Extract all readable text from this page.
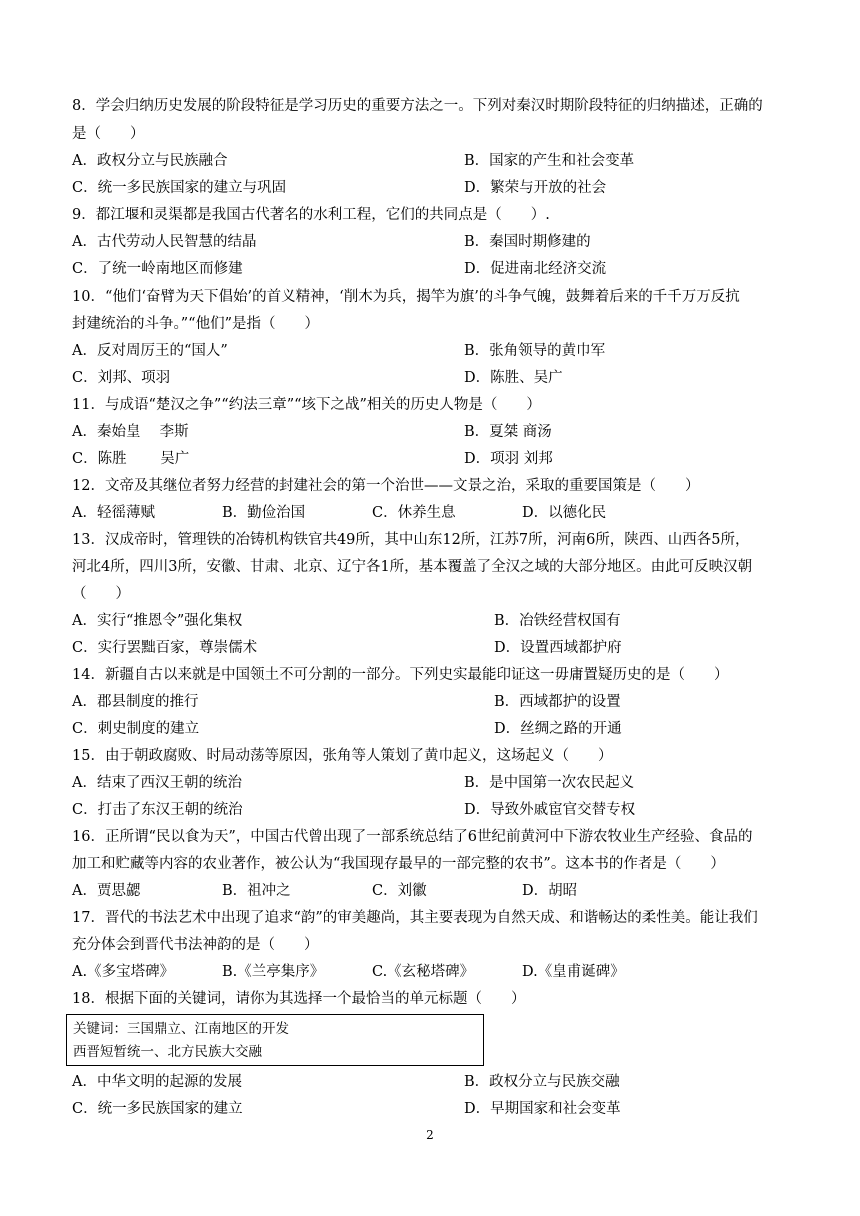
8．学会归纳历史发展的阶段特征是学习历史的重要方法之一。下列对秦汉时期阶段特征的归纳描述，正确的
是（　　）
A．政权分立与民族融合	B．国家的产生和社会变革
C．统一多民族国家的建立与巩固	D．繁荣与开放的社会
9．都江堰和灵渠都是我国古代著名的水利工程，它们的共同点是（　　）.
A．古代劳动人民智慧的结晶	B．秦国时期修建的
C．了统一岭南地区而修建	D．促进南北经济交流
10．“他们‘奋臂为天下倡始’的首义精神，‘削木为兵，揭竿为旗’的斗争气魄，鼓舞着后来的千千万万反抗
封建统治的斗争。”“他们”是指（　　）
A．反对周厉王的“国人”	B．张角领导的黄巾军
C．刘邦、项羽	D．陈胜、吴广
11．与成语“楚汉之争”“约法三章”“垓下之战”相关的历史人物是（　　）
A．秦始皇　 李斯	B．夏桀 商汤
C．陈胜　　 吴广	D．项羽 刘邦
12．文帝及其继位者努力经营的封建社会的第一个治世——文景之治，采取的重要国策是（　　）
A．轻徭薄赋	B．勤俭治国	C．休养生息	D．以德化民
13．汉成帝时，管理铁的冶铸机构铁官共49所，其中山东12所，江苏7所，河南6所，陕西、山西各5所，
河北4所，四川3所，安徽、甘肃、北京、辽宁各1所，基本覆盖了全汉之域的大部分地区。由此可反映汉朝
（　　）
A．实行“推恩令”强化集权	B．冶铁经营权国有
C．实行罢黜百家，尊崇儒术	D．设置西域都护府
14．新疆自古以来就是中国领土不可分割的一部分。下列史实最能印证这一毋庸置疑历史的是（　　）
A．郡县制度的推行	B．西域都护的设置
C．刺史制度的建立	D．丝绸之路的开通
15．由于朝政腐败、时局动荡等原因，张角等人策划了黄巾起义，这场起义（　　）
A．结束了西汉王朝的统治	B．是中国第一次农民起义
C．打击了东汉王朝的统治	D．导致外戚宦官交替专权
16．正所谓“民以食为天”，中国古代曾出现了一部系统总结了6世纪前黄河中下游农牧业生产经验、食品的
加工和贮藏等内容的农业著作，被公认为“我国现存最早的一部完整的农书”。这本书的作者是（　　）
A．贾思勰	B．祖冲之	C．刘徽	D．胡昭
17．晋代的书法艺术中出现了追求“韵”的审美趣尚，其主要表现为自然天成、和谐畅达的柔性美。能让我们
充分体会到晋代书法神韵的是（　　）
A.《多宝塔碑》	B.《兰亭集序》	C.《玄秘塔碑》	D.《皇甫诞碑》
18．根据下面的关键词，请你为其选择一个最恰当的单元标题（　　）
关键词：三国鼎立、江南地区的开发
西晋短暂统一、北方民族大交融
A．中华文明的起源的发展	B．政权分立与民族交融
C．统一多民族国家的建立	D．早期国家和社会变革
2
